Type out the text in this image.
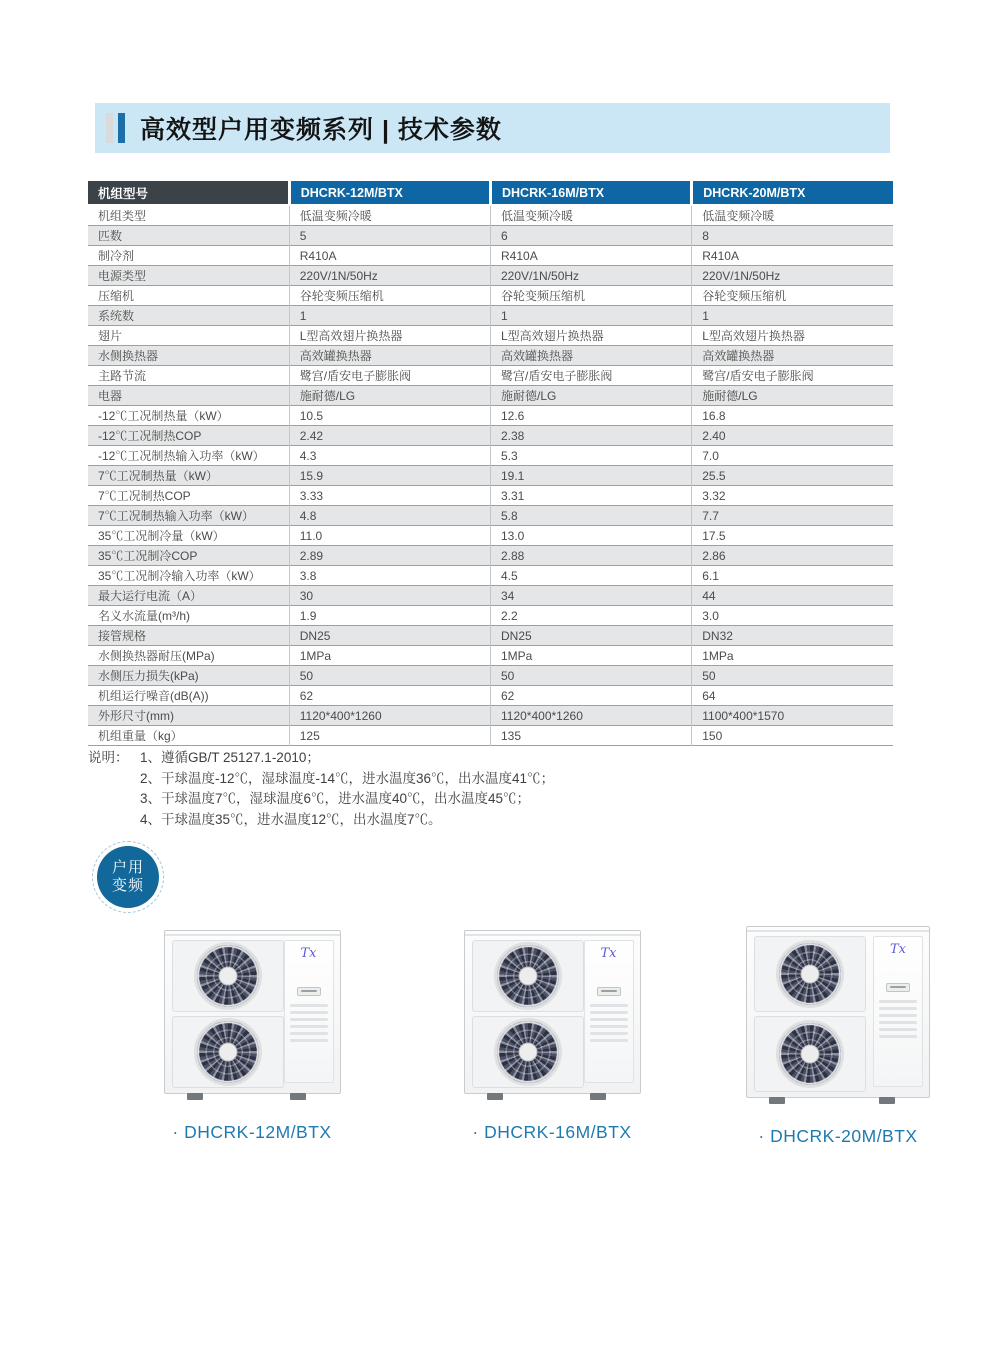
高效型户用变频系列 | 技术参数
机组型号	DHCRK-12M/BTX	DHCRK-16M/BTX	DHCRK-20M/BTX
机组类型	低温变频冷暖	低温变频冷暖	低温变频冷暖
匹数	5	6	8
制冷剂	R410A	R410A	R410A
电源类型	220V/1N/50Hz	220V/1N/50Hz	220V/1N/50Hz
压缩机	谷轮变频压缩机	谷轮变频压缩机	谷轮变频压缩机
系统数	1	1	1
翅片	L型高效翅片换热器	L型高效翅片换热器	L型高效翅片换热器
水侧换热器	高效罐换热器	高效罐换热器	高效罐换热器
主路节流	鹭宫/盾安电子膨胀阀	鹭宫/盾安电子膨胀阀	鹭宫/盾安电子膨胀阀
电器	施耐德/LG	施耐德/LG	施耐德/LG
-12℃工况制热量（kW）	10.5	12.6	16.8
-12℃工况制热COP	2.42	2.38	2.40
-12℃工况制热输入功率（kW）	4.3	5.3	7.0
7℃工况制热量（kW）	15.9	19.1	25.5
7℃工况制热COP	3.33	3.31	3.32
7℃工况制热输入功率（kW）	4.8	5.8	7.7
35℃工况制冷量（kW）	11.0	13.0	17.5
35℃工况制冷COP	2.89	2.88	2.86
35℃工况制冷输入功率（kW）	3.8	4.5	6.1
最大运行电流（A）	30	34	44
名义水流量(m³/h)	1.9	2.2	3.0
接管规格	DN25	DN25	DN32
水侧换热器耐压(MPa)	1MPa	1MPa	1MPa
水侧压力损失(kPa)	50	50	50
机组运行噪音(dB(A))	62	62	64
外形尺寸(mm)	1120*400*1260	1120*400*1260	1100*400*1570
机组重量（kg）	125	135	150
说明： 1、遵循GB/T 25127.1-2010；
2、干球温度-12℃，湿球温度-14℃，进水温度36℃，出水温度41℃；
3、干球温度7℃，湿球温度6℃，进水温度40℃，出水温度45℃；
4、干球温度35℃，进水温度12℃，出水温度7℃。
户用
变频
Tx
· DHCRK-12M/BTX
Tx
· DHCRK-16M/BTX
Tx
· DHCRK-20M/BTX
